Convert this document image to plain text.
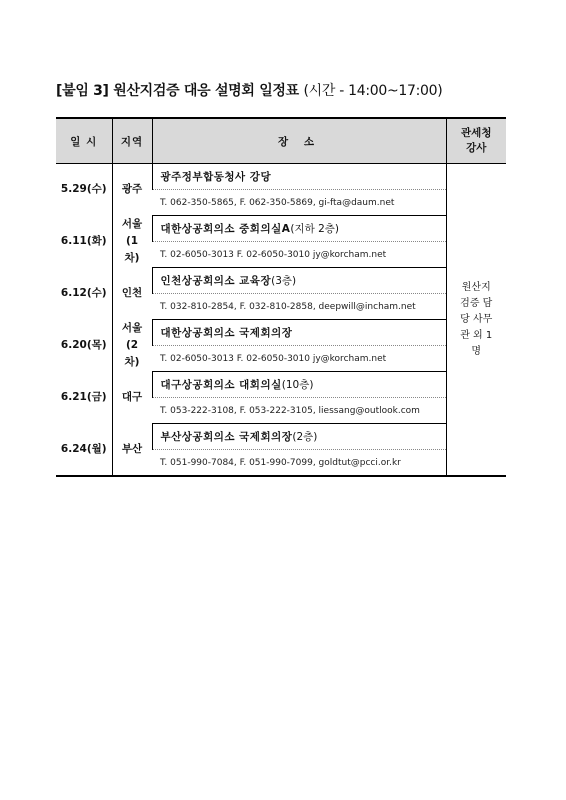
[붙임 3] 원산지검증 대응 설명회 일정표 (시간 - 14:00~17:00)
일 시	지역	장 소	관세청 강사
5.29(수)	광주	광주정부합동청사 강당	원산지 검증 담당 사무관 외 1명
		T. 062-350-5865, F. 062-350-5869, gi-fta@daum.net	
6.11(화)	서울 (1차)	대한상공회의소 중회의실A(지하 2층)	
		T. 02-6050-3013 F. 02-6050-3010 jy@korcham.net	
6.12(수)	인천	인천상공회의소 교육장(3층)	
		T. 032-810-2854, F. 032-810-2858, deepwill@incham.net	
6.20(목)	서울 (2차)	대한상공회의소 국제회의장	
		T. 02-6050-3013 F. 02-6050-3010 jy@korcham.net	
6.21(금)	대구	대구상공회의소 대회의실(10층)	
		T. 053-222-3108, F. 053-222-3105, liessang@outlook.com	
6.24(월)	부산	부산상공회의소 국제회의장(2층)	
		T. 051-990-7084, F. 051-990-7099, goldtut@pcci.or.kr	
